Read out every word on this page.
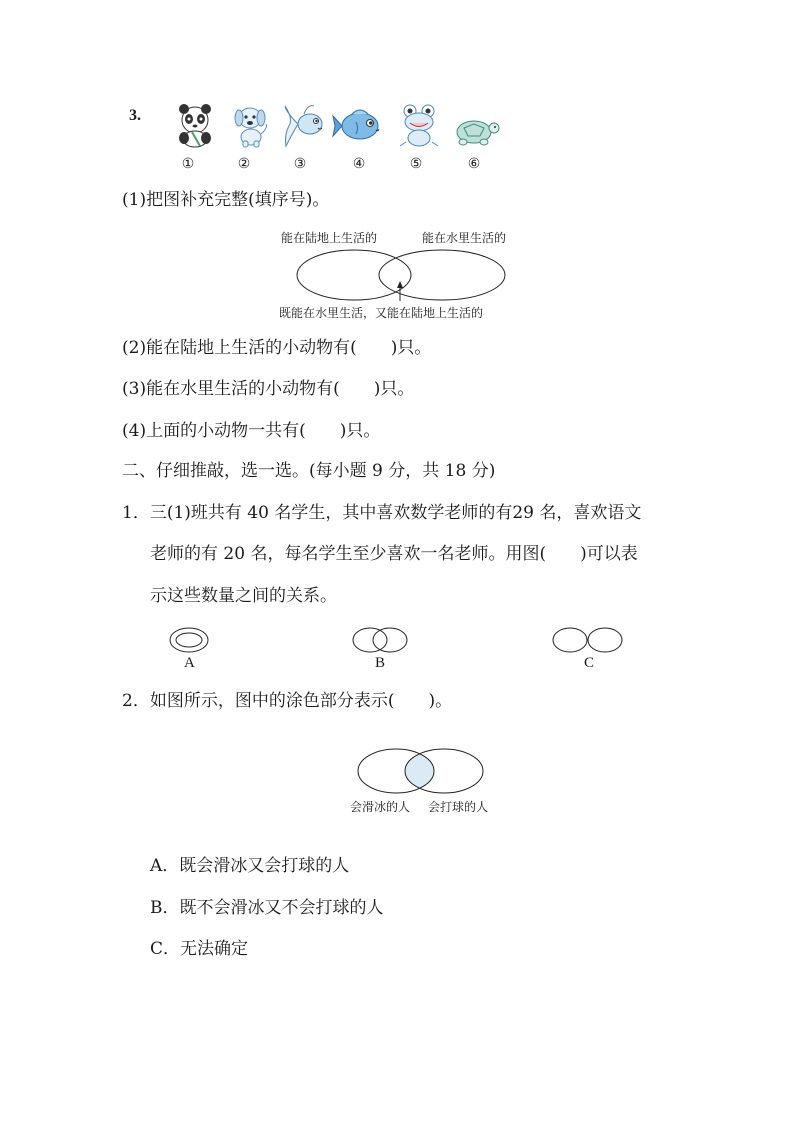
3.
①	②	③	④	⑤	⑥
(1)把图补充完整(填序号)。
能在陆地上生活的	能在水里生活的
既能在水里生活，又能在陆地上生活的
(2)能在陆地上生活的小动物有(　　)只。
(3)能在水里生活的小动物有(　　)只。
(4)上面的小动物一共有(　　)只。
二、仔细推敲，选一选。(每小题 9 分，共 18 分)
1．三(1)班共有 40 名学生，其中喜欢数学老师的有29 名，喜欢语文
老师的有 20 名，每名学生至少喜欢一名老师。用图(　　)可以表
示这些数量之间的关系。
A	B	C
2．如图所示，图中的涂色部分表示(　　)。
会滑冰的人 会打球的人
A．既会滑冰又会打球的人
B．既不会滑冰又不会打球的人
C．无法确定
